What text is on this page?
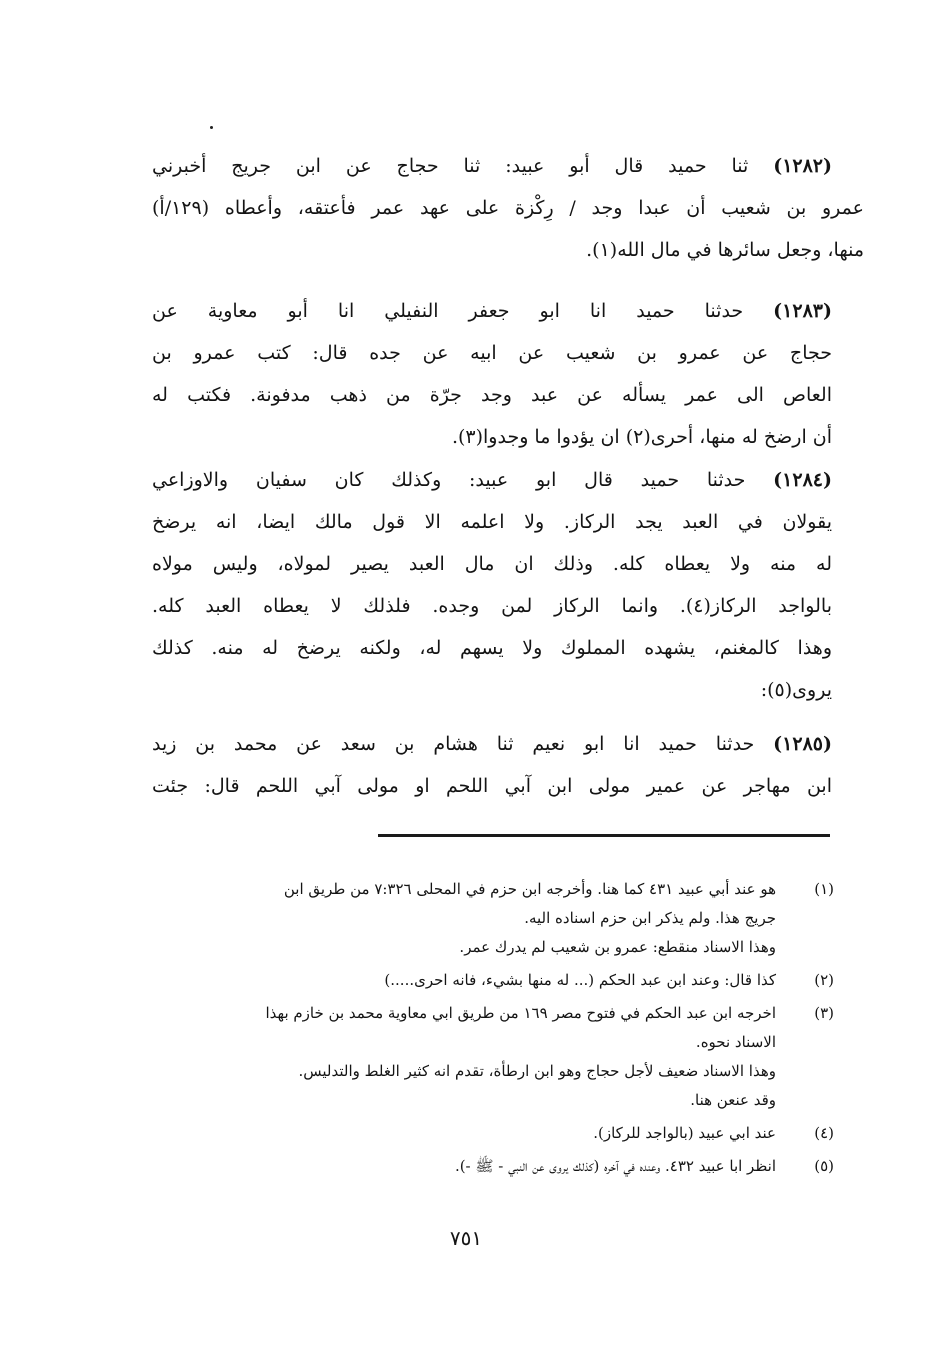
(١٢٨٢) ثنا حميد قال أبو عبيد: ثنا حجاج عن ابن جريج أخبرني
عمرو بن شعيب أن عبدا وجد / رِكْزة على عهد عمر فأعتقه، وأعطاه (١٢٩/أ)
منها، وجعل سائرها في مال الله(١).
(١٢٨٣) حدثنا حميد انا ابو جعفر النفيلي انا أبو معاوية عن
حجاج عن عمرو بن شعيب عن ابيه عن جده قال: كتب عمرو بن
العاص الى عمر يسأله عن عبد وجد جرّة من ذهب مدفونة. فكتب له
أن ارضخ له منها، أحرى(٢) ان يؤدوا ما وجدوا(٣).
(١٢٨٤) حدثنا حميد قال ابو عبيد: وكذلك كان سفيان والاوزاعي
يقولان في العبد يجد الركاز. ولا اعلمه الا قول مالك ايضا، انه يرضخ
له منه ولا يعطاه كله. وذلك ان مال العبد يصير لمولاه، وليس مولاه
بالواجد الركاز(٤). وانما الركاز لمن وجده. فلذلك لا يعطاه العبد كله.
وهذا كالمغنم، يشهده المملوك ولا يسهم له، ولكنه يرضخ له منه. كذلك
يروى(٥):
(١٢٨٥) حدثنا حميد انا ابو نعيم ثنا هشام بن سعد عن محمد بن زيد
ابن مهاجر عن عمير مولى ابن آبي اللحم او مولى آبي اللحم قال: جئت
(١)
هو عند أبي عبيد ٤٣١ كما هنا. وأخرجه ابن حزم في المحلى ٧:٣٢٦ من طريق ابن
جريج هذا. ولم يذكر ابن حزم اسناده اليه.
وهذا الاسناد منقطع: عمرو بن شعيب لم يدرك عمر.
(٢)
كذا قال: وعند ابن عبد الحكم (... له منها بشيء، فانه احرى.....)
(٣)
اخرجه ابن عبد الحكم في فتوح مصر ١٦٩ من طريق ابي معاوية محمد بن خازم بهذا
الاسناد نحوه.
وهذا الاسناد ضعيف لأجل حجاج وهو ابن ارطأة، تقدم انه كثير الغلط والتدليس.
وقد عنعن هنا.
(٤)
عند ابي عبيد (بالواجد للركاز).
(٥)
انظر ابا عبيد ٤٣٢. وعنده في آخره (كذلك يروى عن النبي - ﷺ -).
٧٥١
